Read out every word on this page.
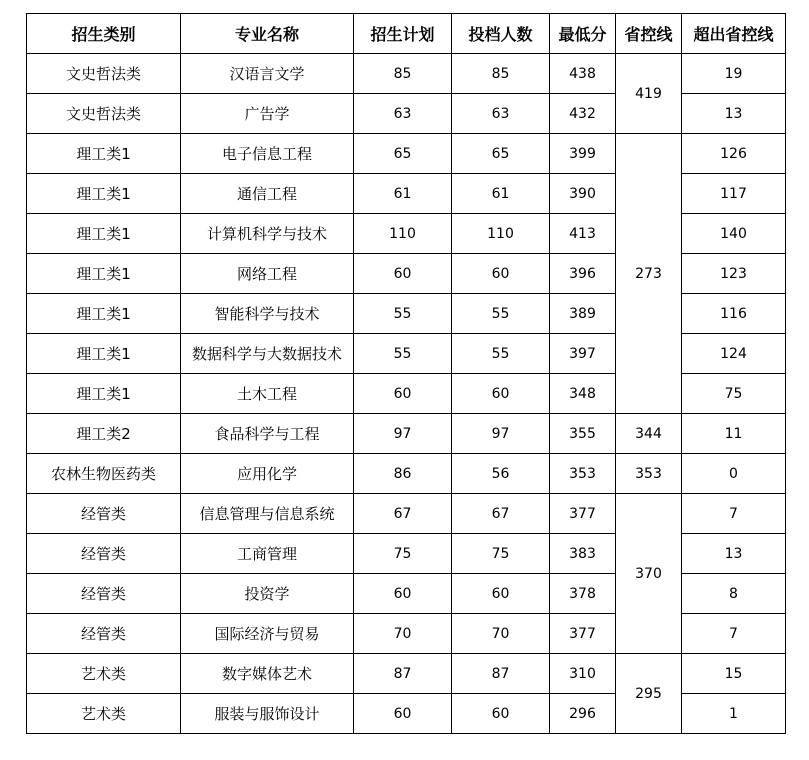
招生类别	专业名称	招生计划	投档人数	最低分	省控线	超出省控线
文史哲法类	汉语言文学	85	85	438	419	19
文史哲法类	广告学	63	63	432		13
理工类1	电子信息工程	65	65	399	273	126
理工类1	通信工程	61	61	390		117
理工类1	计算机科学与技术	110	110	413		140
理工类1	网络工程	60	60	396		123
理工类1	智能科学与技术	55	55	389		116
理工类1	数据科学与大数据技术	55	55	397		124
理工类1	土木工程	60	60	348		75
理工类2	食品科学与工程	97	97	355	344	11
农林生物医药类	应用化学	86	56	353	353	0
经管类	信息管理与信息系统	67	67	377	370	7
经管类	工商管理	75	75	383		13
经管类	投资学	60	60	378		8
经管类	国际经济与贸易	70	70	377		7
艺术类	数字媒体艺术	87	87	310	295	15
艺术类	服装与服饰设计	60	60	296		1
